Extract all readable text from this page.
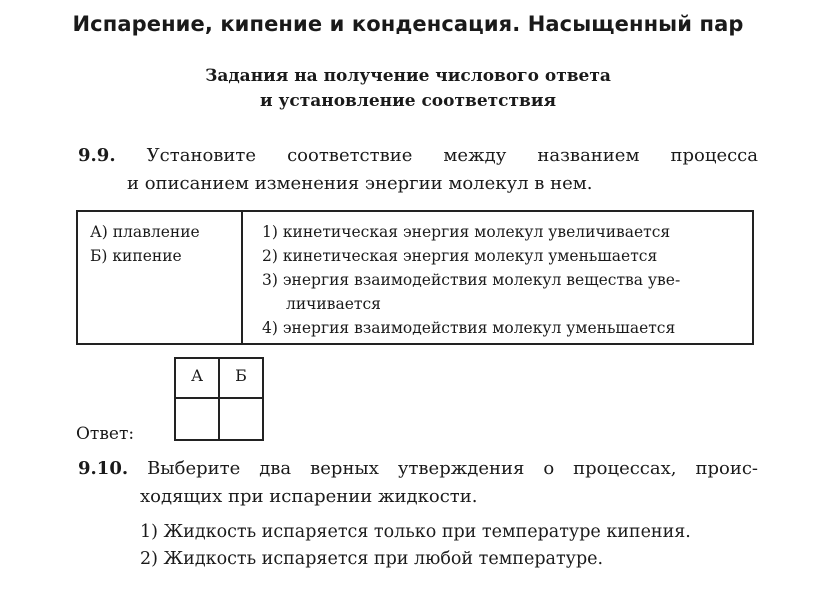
Испарение, кипение и конденсация. Насыщенный пар
Задания на получение числового ответа
и установление соответствия
9.9. Установите соответствие между названием процесса
и описанием изменения энергии молекул в нем.
А) плавление
Б) кипение
1) кинетическая энергия молекул увеличивается
2) кинетическая энергия молекул уменьшается
3) энергия взаимодействия молекул вещества уве-
личивается
4) энергия взаимодействия молекул уменьшается
Ответ:
А	Б
9.10. Выберите два верных утверждения о процессах, проис-
ходящих при испарении жидкости.
1) Жидкость испаряется только при температуре кипения.
2) Жидкость испаряется при любой температуре.
